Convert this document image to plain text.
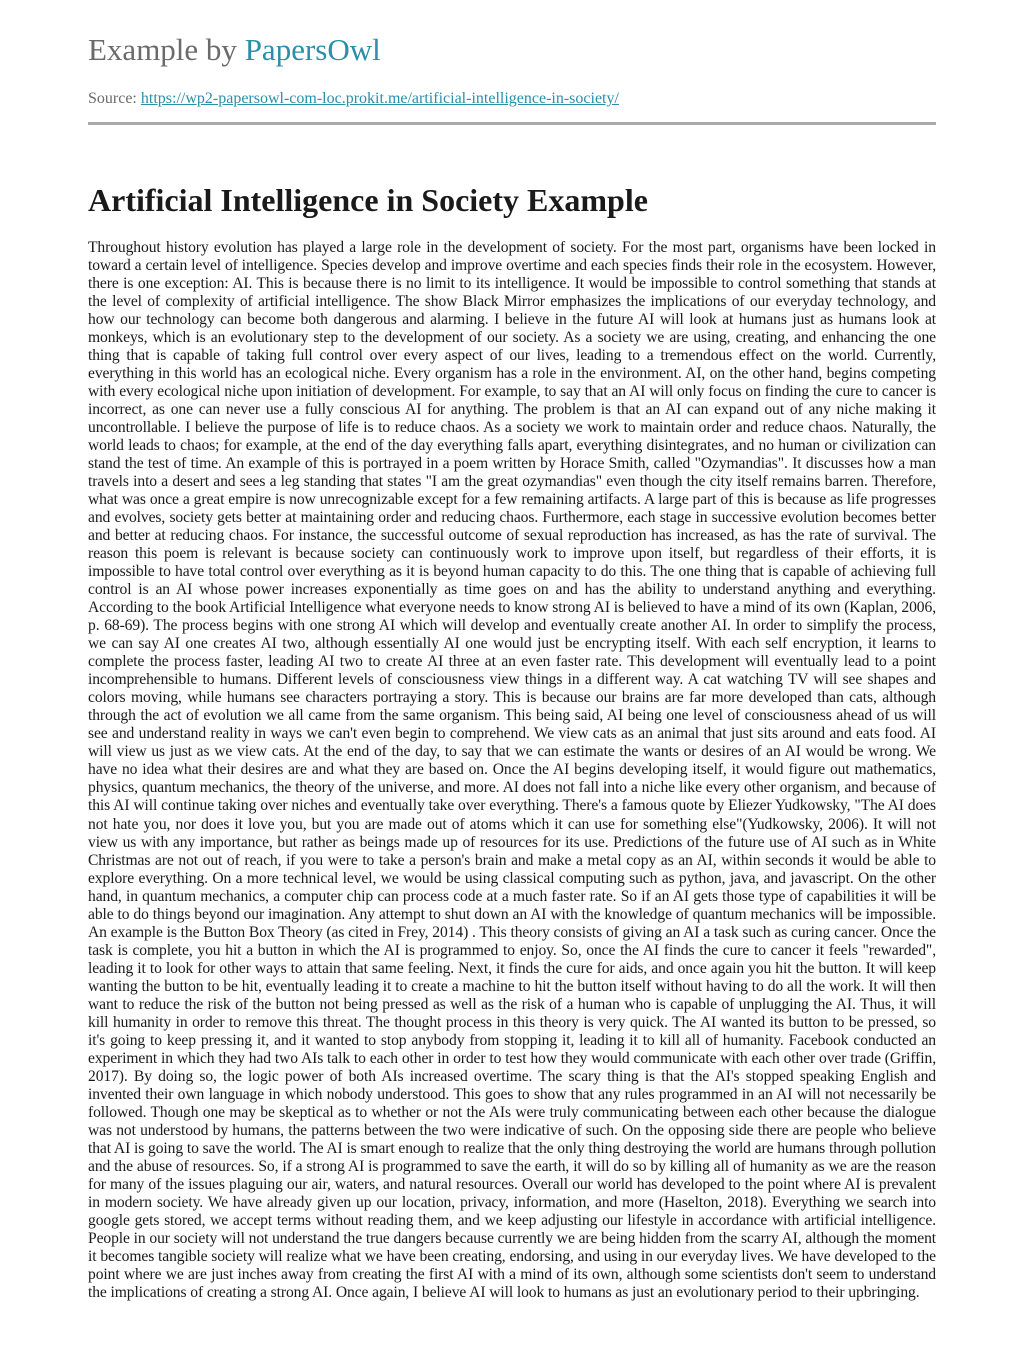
Example by PapersOwl
Source: https://wp2-papersowl-com-loc.prokit.me/artificial-intelligence-in-society/
Artificial Intelligence in Society Example

Throughout history evolution has played a large role in the development of society. For the most part, organisms have been locked in toward a certain level of intelligence. Species develop and improve overtime and each species finds their role in the ecosystem. However, there is one exception: AI. This is because there is no limit to its intelligence. It would be impossible to control something that stands at the level of complexity of artificial intelligence. The show Black Mirror emphasizes the implications of our everyday technology, and how our technology can become both dangerous and alarming. I believe in the future AI will look at humans just as humans look at monkeys, which is an evolutionary step to the development of our society. As a society we are using, creating, and enhancing the one thing that is capable of taking full control over every aspect of our lives, leading to a tremendous effect on the world. Currently, everything in this world has an ecological niche. Every organism has a role in the environment. AI, on the other hand, begins competing with every ecological niche upon initiation of development. For example, to say that an AI will only focus on finding the cure to cancer is incorrect, as one can never use a fully conscious AI for anything. The problem is that an AI can expand out of any niche making it uncontrollable. I believe the purpose of life is to reduce chaos. As a society we work to maintain order and reduce chaos. Naturally, the world leads to chaos; for example, at the end of the day everything falls apart, everything disintegrates, and no human or civilization can stand the test of time. An example of this is portrayed in a poem written by Horace Smith, called "Ozymandias". It discusses how a man travels into a desert and sees a leg standing that states "I am the great ozymandias" even though the city itself remains barren. Therefore, what was once a great empire is now unrecognizable except for a few remaining artifacts. A large part of this is because as life progresses and evolves, society gets better at maintaining order and reducing chaos. Furthermore, each stage in successive evolution becomes better and better at reducing chaos. For instance, the successful outcome of sexual reproduction has increased, as has the rate of survival. The reason this poem is relevant is because society can continuously work to improve upon itself, but regardless of their efforts, it is impossible to have total control over everything as it is beyond human capacity to do this. The one thing that is capable of achieving full control is an AI whose power increases exponentially as time goes on and has the ability to understand anything and everything. According to the book Artificial Intelligence what everyone needs to know strong AI is believed to have a mind of its own (Kaplan, 2006, p. 68-69). The process begins with one strong AI which will develop and eventually create another AI. In order to simplify the process, we can say AI one creates AI two, although essentially AI one would just be encrypting itself. With each self encryption, it learns to complete the process faster, leading AI two to create AI three at an even faster rate. This development will eventually lead to a point incomprehensible to humans. Different levels of consciousness view things in a different way. A cat watching TV will see shapes and colors moving, while humans see characters portraying a story. This is because our brains are far more developed than cats, although through the act of evolution we all came from the same organism. This being said, AI being one level of consciousness ahead of us will see and understand reality in ways we can't even begin to comprehend. We view cats as an animal that just sits around and eats food. AI will view us just as we view cats. At the end of the day, to say that we can estimate the wants or desires of an AI would be wrong. We have no idea what their desires are and what they are based on. Once the AI begins developing itself, it would figure out mathematics, physics, quantum mechanics, the theory of the universe, and more. AI does not fall into a niche like every other organism, and because of this AI will continue taking over niches and eventually take over everything. There's a famous quote by Eliezer Yudkowsky, "The AI does not hate you, nor does it love you, but you are made out of atoms which it can use for something else"(Yudkowsky, 2006). It will not view us with any importance, but rather as beings made up of resources for its use. Predictions of the future use of AI such as in White Christmas are not out of reach, if you were to take a person's brain and make a metal copy as an AI, within seconds it would be able to explore everything. On a more technical level, we would be using classical computing such as python, java, and javascript. On the other hand, in quantum mechanics, a computer chip can process code at a much faster rate. So if an AI gets those type of capabilities it will be able to do things beyond our imagination. Any attempt to shut down an AI with the knowledge of quantum mechanics will be impossible. An example is the Button Box Theory (as cited in Frey, 2014) . This theory consists of giving an AI a task such as curing cancer. Once the task is complete, you hit a button in which the AI is programmed to enjoy. So, once the AI finds the cure to cancer it feels "rewarded", leading it to look for other ways to attain that same feeling. Next, it finds the cure for aids, and once again you hit the button. It will keep wanting the button to be hit, eventually leading it to create a machine to hit the button itself without having to do all the work. It will then want to reduce the risk of the button not being pressed as well as the risk of a human who is capable of unplugging the AI. Thus, it will kill humanity in order to remove this threat. The thought process in this theory is very quick. The AI wanted its button to be pressed, so it's going to keep pressing it, and it wanted to stop anybody from stopping it, leading it to kill all of humanity. Facebook conducted an experiment in which they had two AIs talk to each other in order to test how they would communicate with each other over trade (Griffin, 2017). By doing so, the logic power of both AIs increased overtime. The scary thing is that the AI's stopped speaking English and invented their own language in which nobody understood. This goes to show that any rules programmed in an AI will not necessarily be followed. Though one may be skeptical as to whether or not the AIs were truly communicating between each other because the dialogue was not understood by humans, the patterns between the two were indicative of such. On the opposing side there are people who believe that AI is going to save the world. The AI is smart enough to realize that the only thing destroying the world are humans through pollution and the abuse of resources. So, if a strong AI is programmed to save the earth, it will do so by killing all of humanity as we are the reason for many of the issues plaguing our air, waters, and natural resources. Overall our world has developed to the point where AI is prevalent in modern society. We have already given up our location, privacy, information, and more (Haselton, 2018). Everything we search into google gets stored, we accept terms without reading them, and we keep adjusting our lifestyle in accordance with artificial intelligence. People in our society will not understand the true dangers because currently we are being hidden from the scarry AI, although the moment it becomes tangible society will realize what we have been creating, endorsing, and using in our everyday lives. We have developed to the point where we are just inches away from creating the first AI with a mind of its own, although some scientists don't seem to understand the implications of creating a strong AI. Once again, I believe AI will look to humans as just an evolutionary period to their upbringing.
